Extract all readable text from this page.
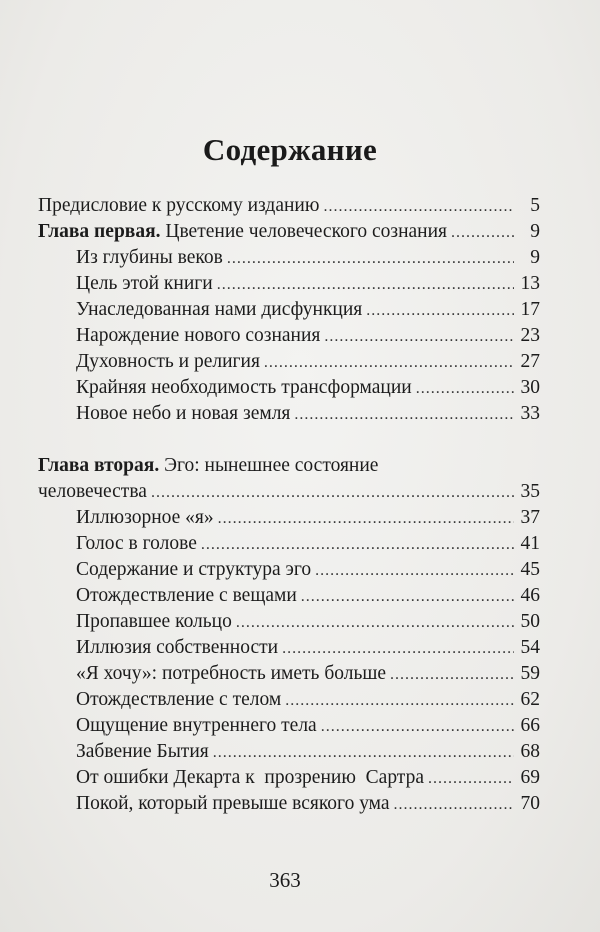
Содержание
Предисловие к русскому изданию . . .	5
Глава первая. Цветение человеческого сознания . . .	9
Из глубины веков . . .	9
Цель этой книги . . .	13
Унаследованная нами дисфункция . . .	17
Нарождение нового сознания . . .	23
Духовность и религия . . .	27
Крайняя необходимость трансформации . . .	30
Новое небо и новая земля . . .	33
Глава вторая. Эго: нынешнее состояние
человечества . . .	35
Иллюзорное «я» . . .	37
Голос в голове . . .	41
Содержание и структура эго . . .	45
Отождествление с вещами . . .	46
Пропавшее кольцо . . .	50
Иллюзия собственности . . .	54
«Я хочу»: потребность иметь больше . . .	59
Отождествление с телом . . .	62
Ощущение внутреннего тела . . .	66
Забвение Бытия . . .	68
От ошибки Декарта к  прозрению  Сартра . . .	69
Покой, который превыше всякого ума . . .	70
363
